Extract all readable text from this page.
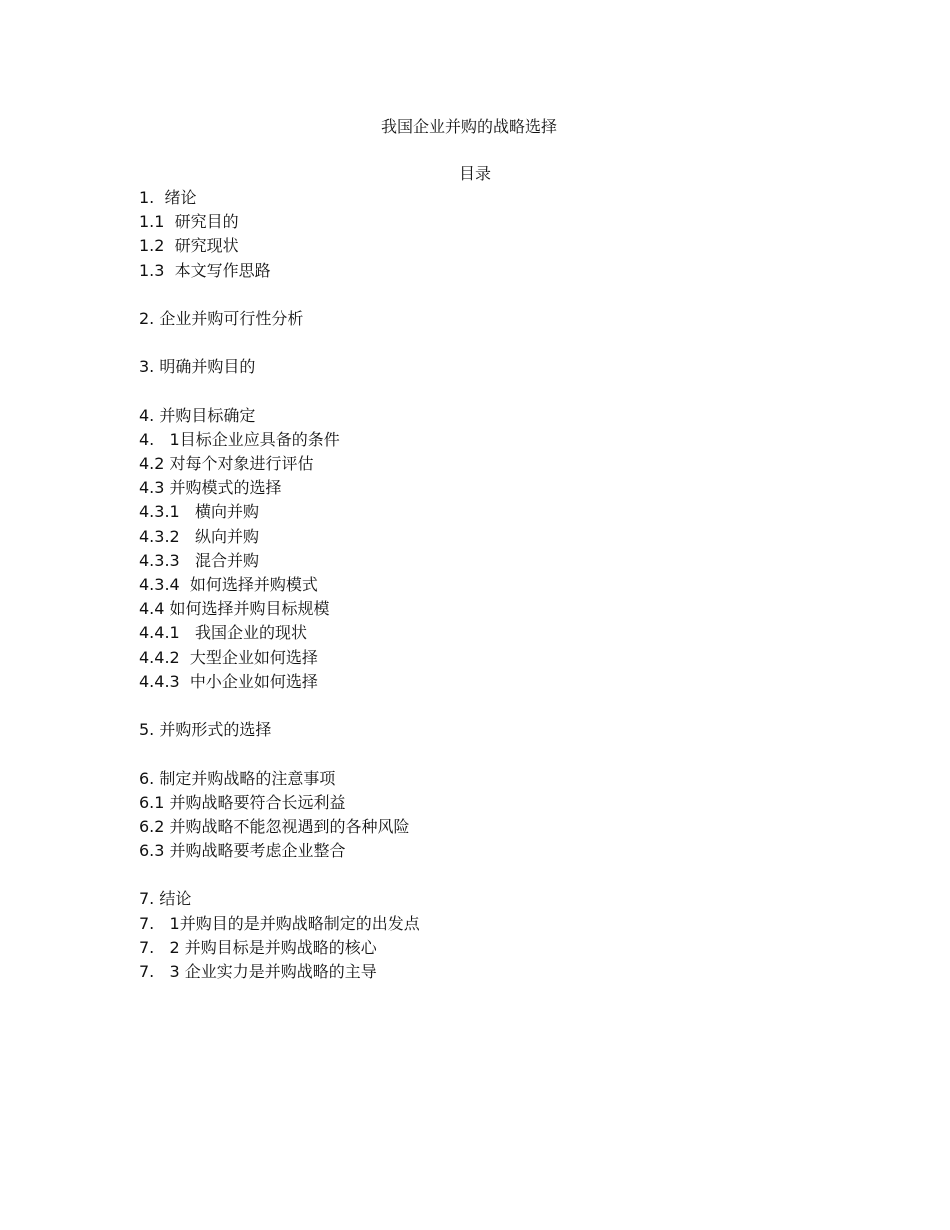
我国企业并购的战略选择
目录
1.  绪论
1.1  研究目的
1.2  研究现状
1.3  本文写作思路
2. 企业并购可行性分析
3. 明确并购目的
4. 并购目标确定
4.   1目标企业应具备的条件
4.2 对每个对象进行评估
4.3 并购模式的选择
4.3.1   横向并购
4.3.2   纵向并购
4.3.3   混合并购
4.3.4  如何选择并购模式
4.4 如何选择并购目标规模
4.4.1   我国企业的现状
4.4.2  大型企业如何选择
4.4.3  中小企业如何选择
5. 并购形式的选择
6. 制定并购战略的注意事项
6.1 并购战略要符合长远利益
6.2 并购战略不能忽视遇到的各种风险
6.3 并购战略要考虑企业整合
7. 结论
7.   1并购目的是并购战略制定的出发点
7.   2 并购目标是并购战略的核心
7.   3 企业实力是并购战略的主导
